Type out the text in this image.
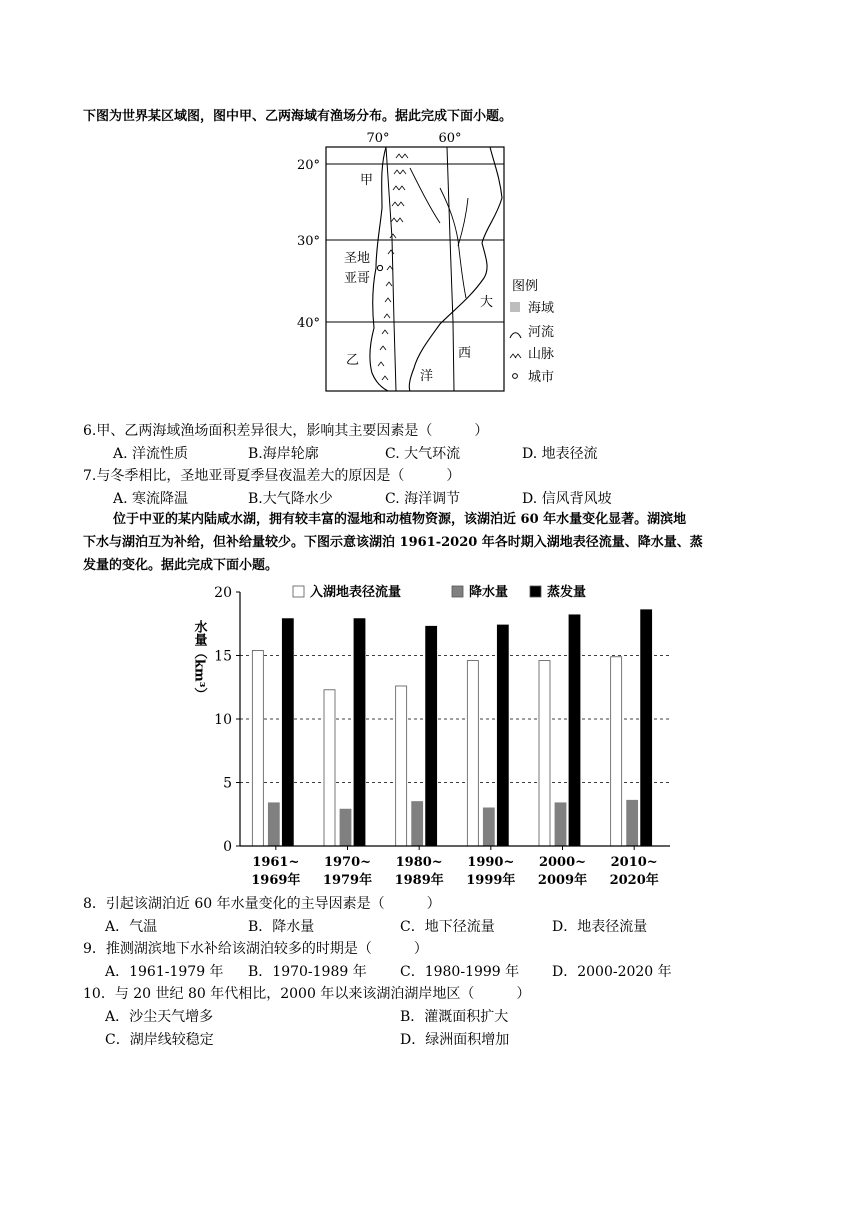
下图为世界某区域图，图中甲、乙两海域有渔场分布。据此完成下面小题。
70°	60°
20°
30°
40°
甲
乙
圣地
亚哥
大
西
洋
图例
海域
河流
山脉
城市
6.甲、乙两海域渔场面积差异很大，影响其主要因素是（　　　）
A. 洋流性质	B.海岸轮廓	C. 大气环流	D. 地表径流
7.与冬季相比，圣地亚哥夏季昼夜温差大的原因是（　　　）
A. 寒流降温	B.大气降水少	C. 海洋调节	D. 信风背风坡
位于中亚的某内陆咸水湖，拥有较丰富的湿地和动植物资源，该湖泊近 60 年水量变化显著。湖滨地
下水与湖泊互为补给，但补给量较少。下图示意该湖泊 1961-2020 年各时期入湖地表径流量、降水量、蒸
发量的变化。据此完成下面小题。
0
5
10
15
20
1961~
1969年
1970~
1979年
1980~
1989年
1990~
1999年
2000~
2009年
2010~
2020年
入湖地表径流量	降水量	蒸发量
水量（km³）
8．引起该湖泊近 60 年水量变化的主导因素是（　　　）
A．气温	B．降水量	C．地下径流量	D．地表径流量
9．推测湖滨地下水补给该湖泊较多的时期是（　　　）
A．1961-1979 年 B．1970-1989 年 C．1980-1999 年 D．2000-2020 年
10．与 20 世纪 80 年代相比，2000 年以来该湖泊湖岸地区（　　　）
A．沙尘天气增多	B．灌溉面积扩大
C．湖岸线较稳定	D．绿洲面积增加
